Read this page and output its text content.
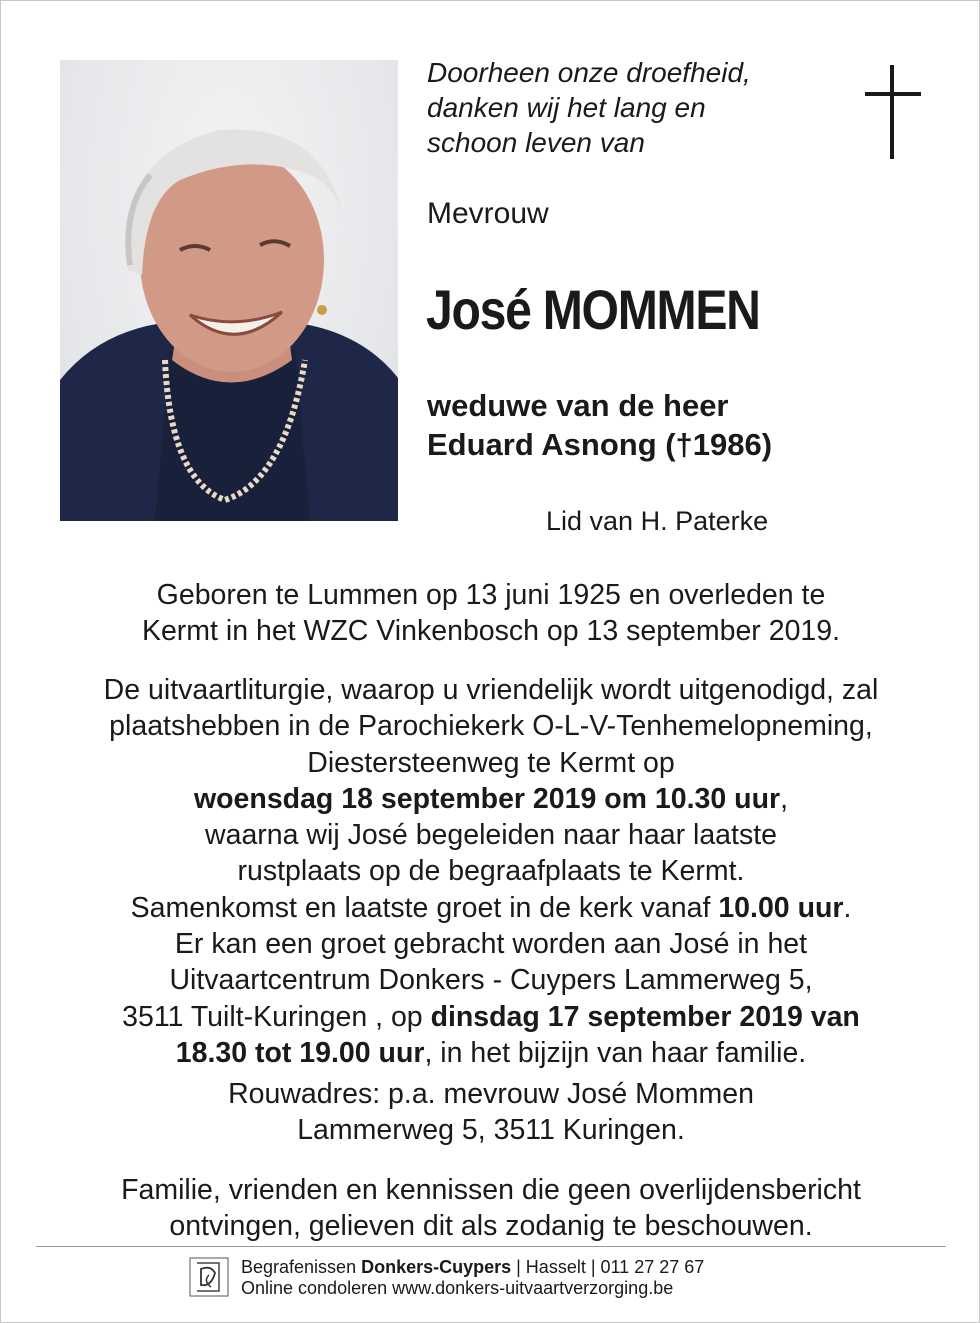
Doorheen onze droefheid,
danken wij het lang en
schoon leven van
Mevrouw
José MOMMEN
weduwe van de heer
Eduard Asnong (†1986)
Lid van H. Paterke

Geboren te Lummen op 13 juni 1925 en overleden te

Kermt in het WZC Vinkenbosch op 13 september 2019.

De uitvaartliturgie, waarop u vriendelijk wordt uitgenodigd, zal

plaatshebben in de Parochiekerk O-L-V-Tenhemelopneming,

Diestersteenweg te Kermt op

woensdag 18 september 2019 om 10.30 uur,

waarna wij José begeleiden naar haar laatste

rustplaats op de begraafplaats te Kermt.

Samenkomst en laatste groet in de kerk vanaf 10.00 uur.

Er kan een groet gebracht worden aan José in het

Uitvaartcentrum Donkers - Cuypers Lammerweg 5,

3511 Tuilt-Kuringen , op dinsdag 17 september 2019 van

18.30 tot 19.00 uur, in het bijzijn van haar familie.

Rouwadres: p.a. mevrouw José Mommen

Lammerweg 5, 3511 Kuringen.

Familie, vrienden en kennissen die geen overlijdensbericht

ontvingen, gelieven dit als zodanig te beschouwen.

Begrafenissen Donkers-Cuypers | Hasselt | 011 27 27 67
Online condoleren www.donkers-uitvaartverzorging.be
